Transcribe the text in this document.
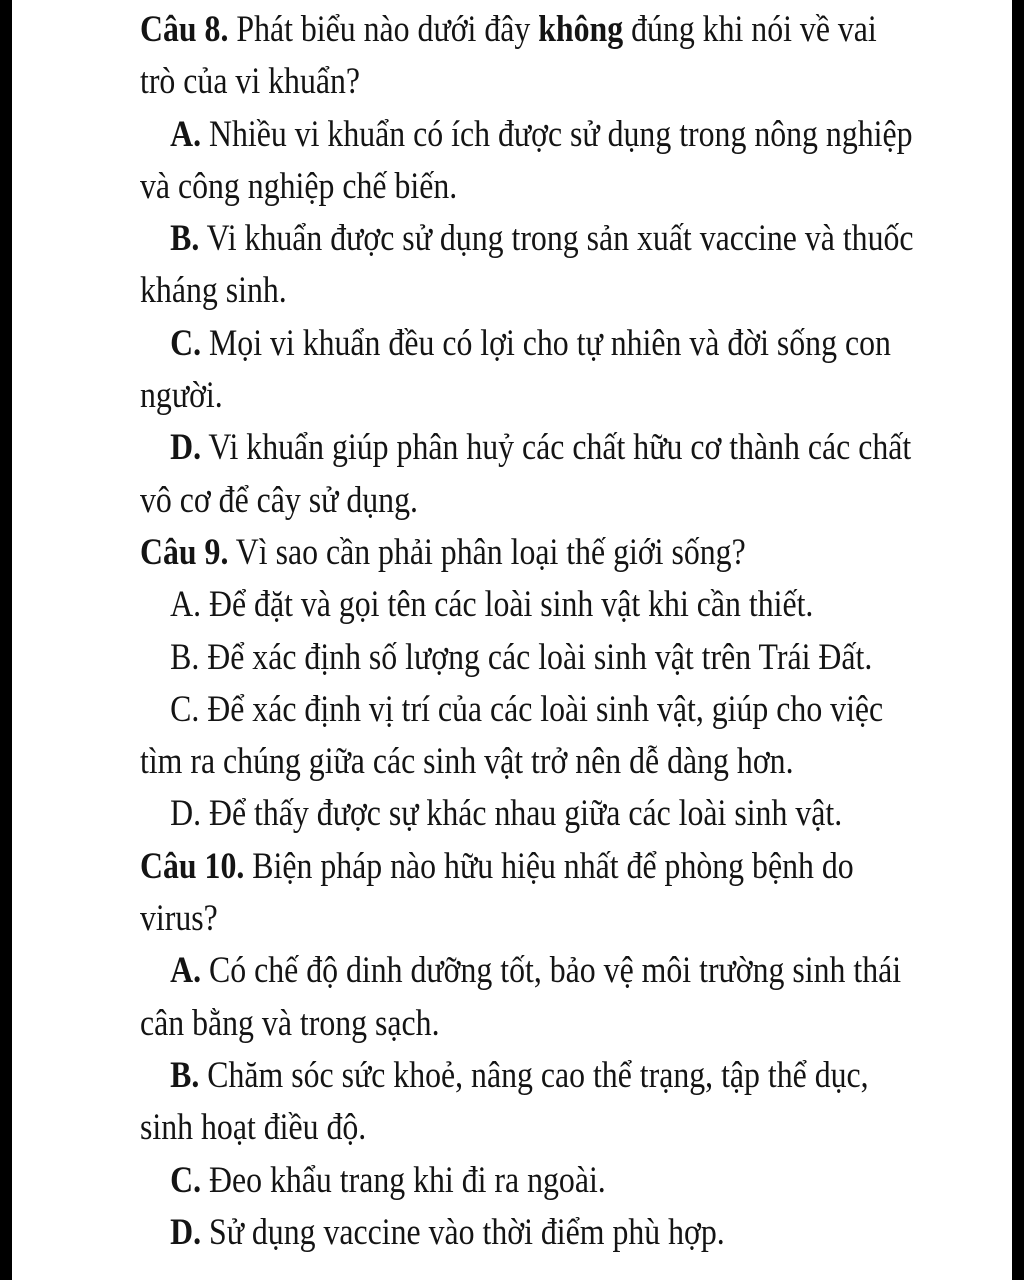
Câu 8. Phát biểu nào dưới đây không đúng khi nói về vai
trò của vi khuẩn?
A. Nhiều vi khuẩn có ích được sử dụng trong nông nghiệp
và công nghiệp chế biến.
B. Vi khuẩn được sử dụng trong sản xuất vaccine và thuốc
kháng sinh.
C. Mọi vi khuẩn đều có lợi cho tự nhiên và đời sống con
người.
D. Vi khuẩn giúp phân huỷ các chất hữu cơ thành các chất
vô cơ để cây sử dụng.
Câu 9. Vì sao cần phải phân loại thế giới sống?
A. Để đặt và gọi tên các loài sinh vật khi cần thiết.
B. Để xác định số lượng các loài sinh vật trên Trái Đất.
C. Để xác định vị trí của các loài sinh vật, giúp cho việc
tìm ra chúng giữa các sinh vật trở nên dễ dàng hơn.
D. Để thấy được sự khác nhau giữa các loài sinh vật.
Câu 10. Biện pháp nào hữu hiệu nhất để phòng bệnh do
virus?
A. Có chế độ dinh dưỡng tốt, bảo vệ môi trường sinh thái
cân bằng và trong sạch.
B. Chăm sóc sức khoẻ, nâng cao thể trạng, tập thể dục,
sinh hoạt điều độ.
C. Đeo khẩu trang khi đi ra ngoài.
D. Sử dụng vaccine vào thời điểm phù hợp.
